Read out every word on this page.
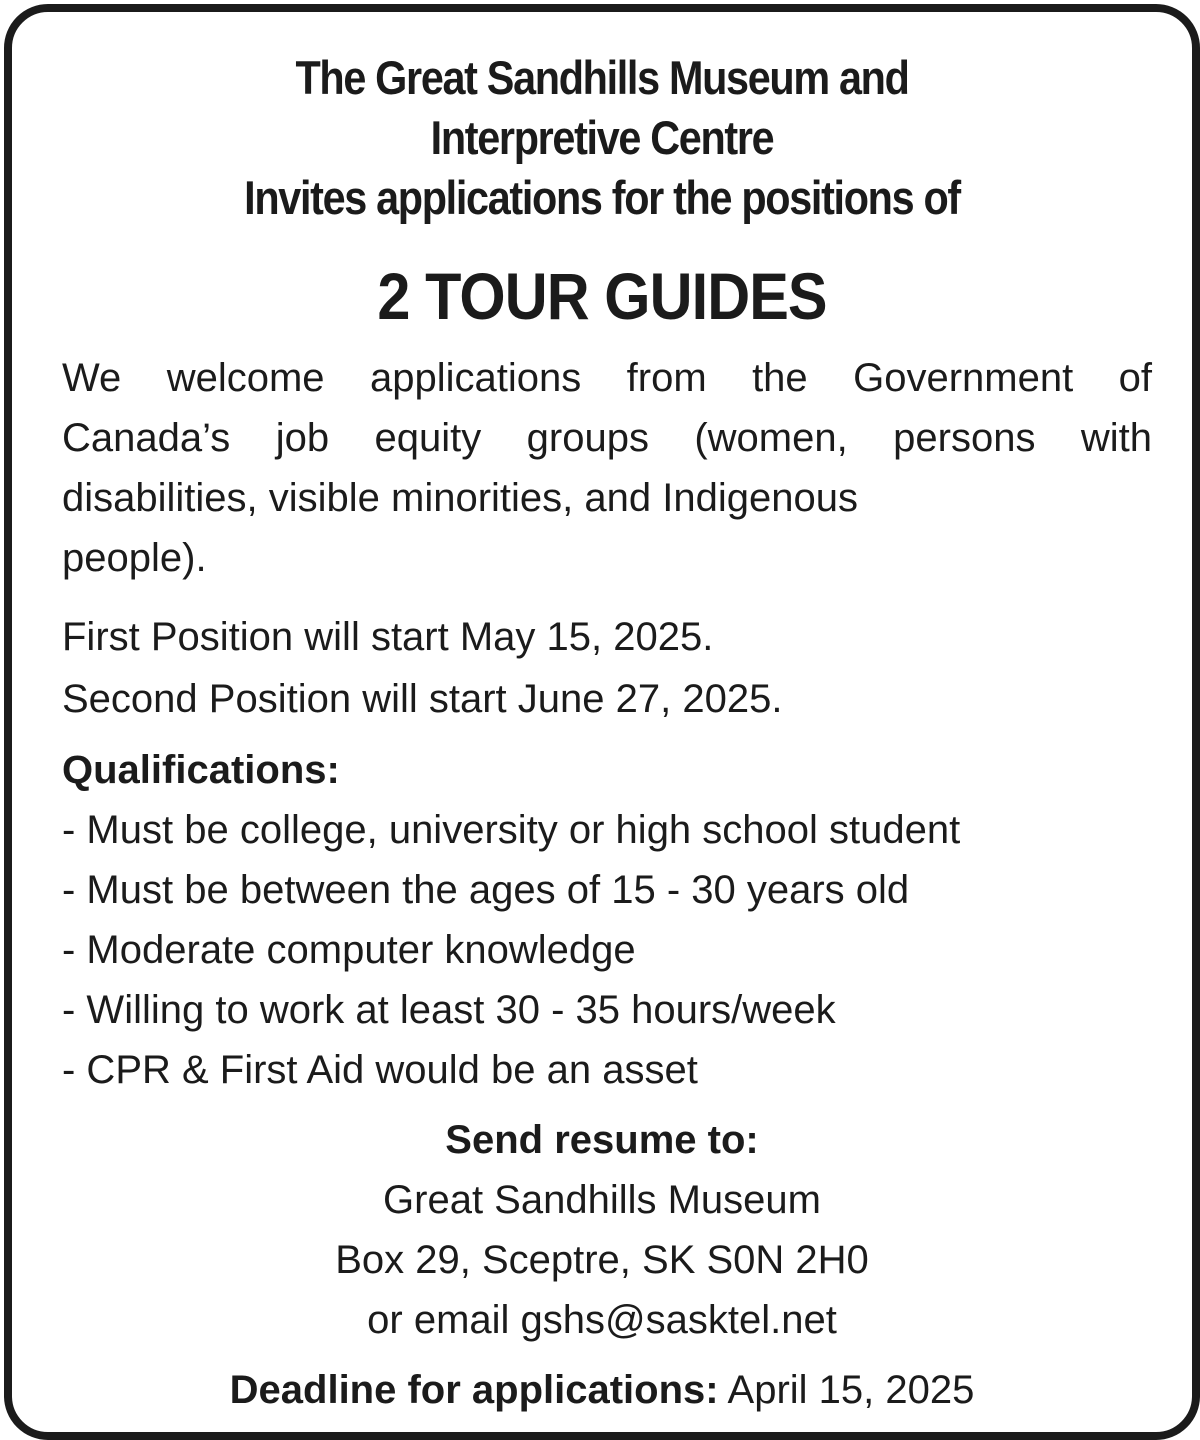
The Great Sandhills Museum and
Interpretive Centre
Invites applications for the positions of
2 TOUR GUIDES
We welcome applications from the Government of
Canada’s job equity groups (women, persons with
disabilities, visible minorities, and Indigenous
people).
First Position will start May 15, 2025.
Second Position will start June 27, 2025.
Qualifications:
- Must be college, university or high school student
- Must be between the ages of 15 - 30 years old
- Moderate computer knowledge
- Willing to work at least 30 - 35 hours/week
- CPR & First Aid would be an asset
Send resume to:
Great Sandhills Museum
Box 29, Sceptre, SK S0N 2H0
or email gshs@sasktel.net
Deadline for applications: April 15, 2025
